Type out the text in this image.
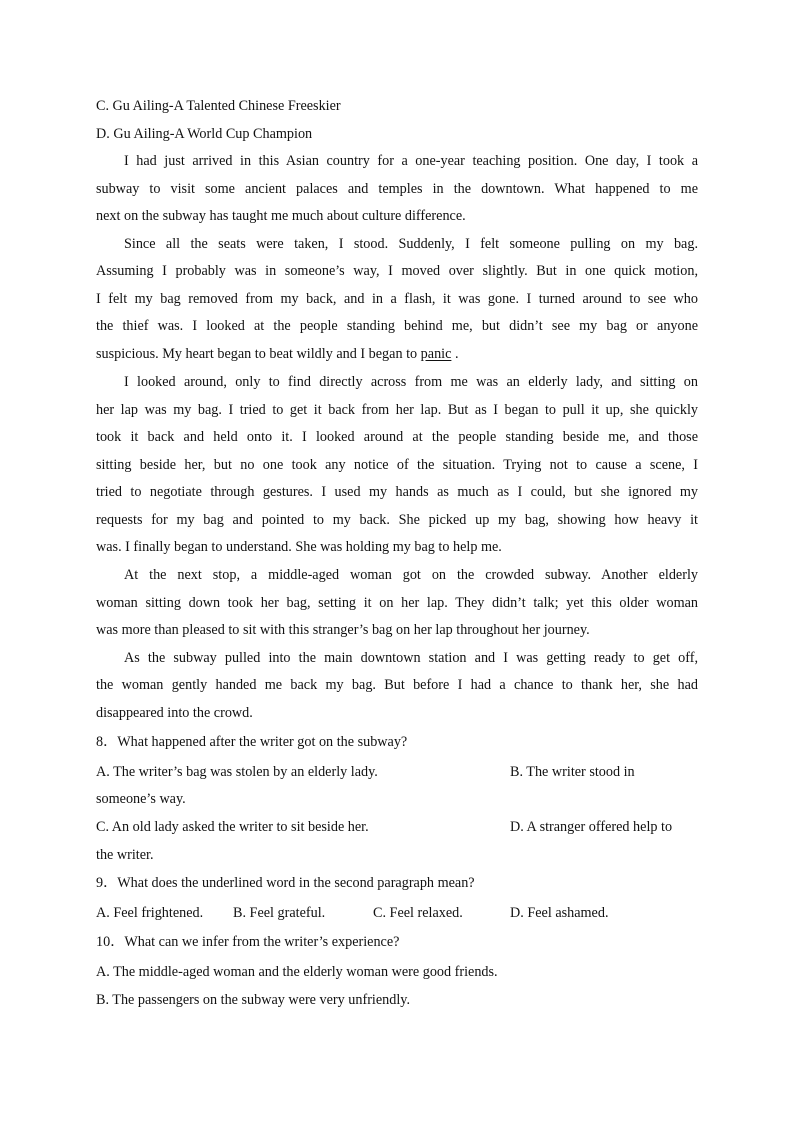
C. Gu Ailing-A Talented Chinese Freeskier
D. Gu Ailing-A World Cup Champion
I had just arrived in this Asian country for a one-year teaching position. One day, I took a
subway to visit some ancient palaces and temples in the downtown. What happened to me
next on the subway has taught me much about culture difference.
Since all the seats were taken, I stood. Suddenly, I felt someone pulling on my bag.
Assuming I probably was in someone’s way, I moved over slightly. But in one quick motion,
I felt my bag removed from my back, and in a flash, it was gone. I turned around to see who
the thief was. I looked at the people standing behind me, but didn’t see my bag or anyone
suspicious. My heart began to beat wildly and I began to panic .
I looked around, only to find directly across from me was an elderly lady, and sitting on
her lap was my bag. I tried to get it back from her lap. But as I began to pull it up, she quickly
took it back and held onto it. I looked around at the people standing beside me, and those
sitting beside her, but no one took any notice of the situation. Trying not to cause a scene, I
tried to negotiate through gestures. I used my hands as much as I could, but she ignored my
requests for my bag and pointed to my back. She picked up my bag, showing how heavy it
was. I finally began to understand. She was holding my bag to help me.
At the next stop, a middle-aged woman got on the crowded subway. Another elderly
woman sitting down took her bag, setting it on her lap. They didn’t talk; yet this older woman
was more than pleased to sit with this stranger’s bag on her lap throughout her journey.
As the subway pulled into the main downtown station and I was getting ready to get off,
the woman gently handed me back my bag. But before I had a chance to thank her, she had
disappeared into the crowd.
8．What happened after the writer got on the subway?
A. The writer’s bag was stolen by an elderly lady.	B. The writer stood in
someone’s way.
C. An old lady asked the writer to sit beside her.	D. A stranger offered help to
the writer.
9．What does the underlined word in the second paragraph mean?
A. Feel frightened. B. Feel grateful.	C. Feel relaxed.	D. Feel ashamed.
10．What can we infer from the writer’s experience?
A. The middle-aged woman and the elderly woman were good friends.
B. The passengers on the subway were very unfriendly.
